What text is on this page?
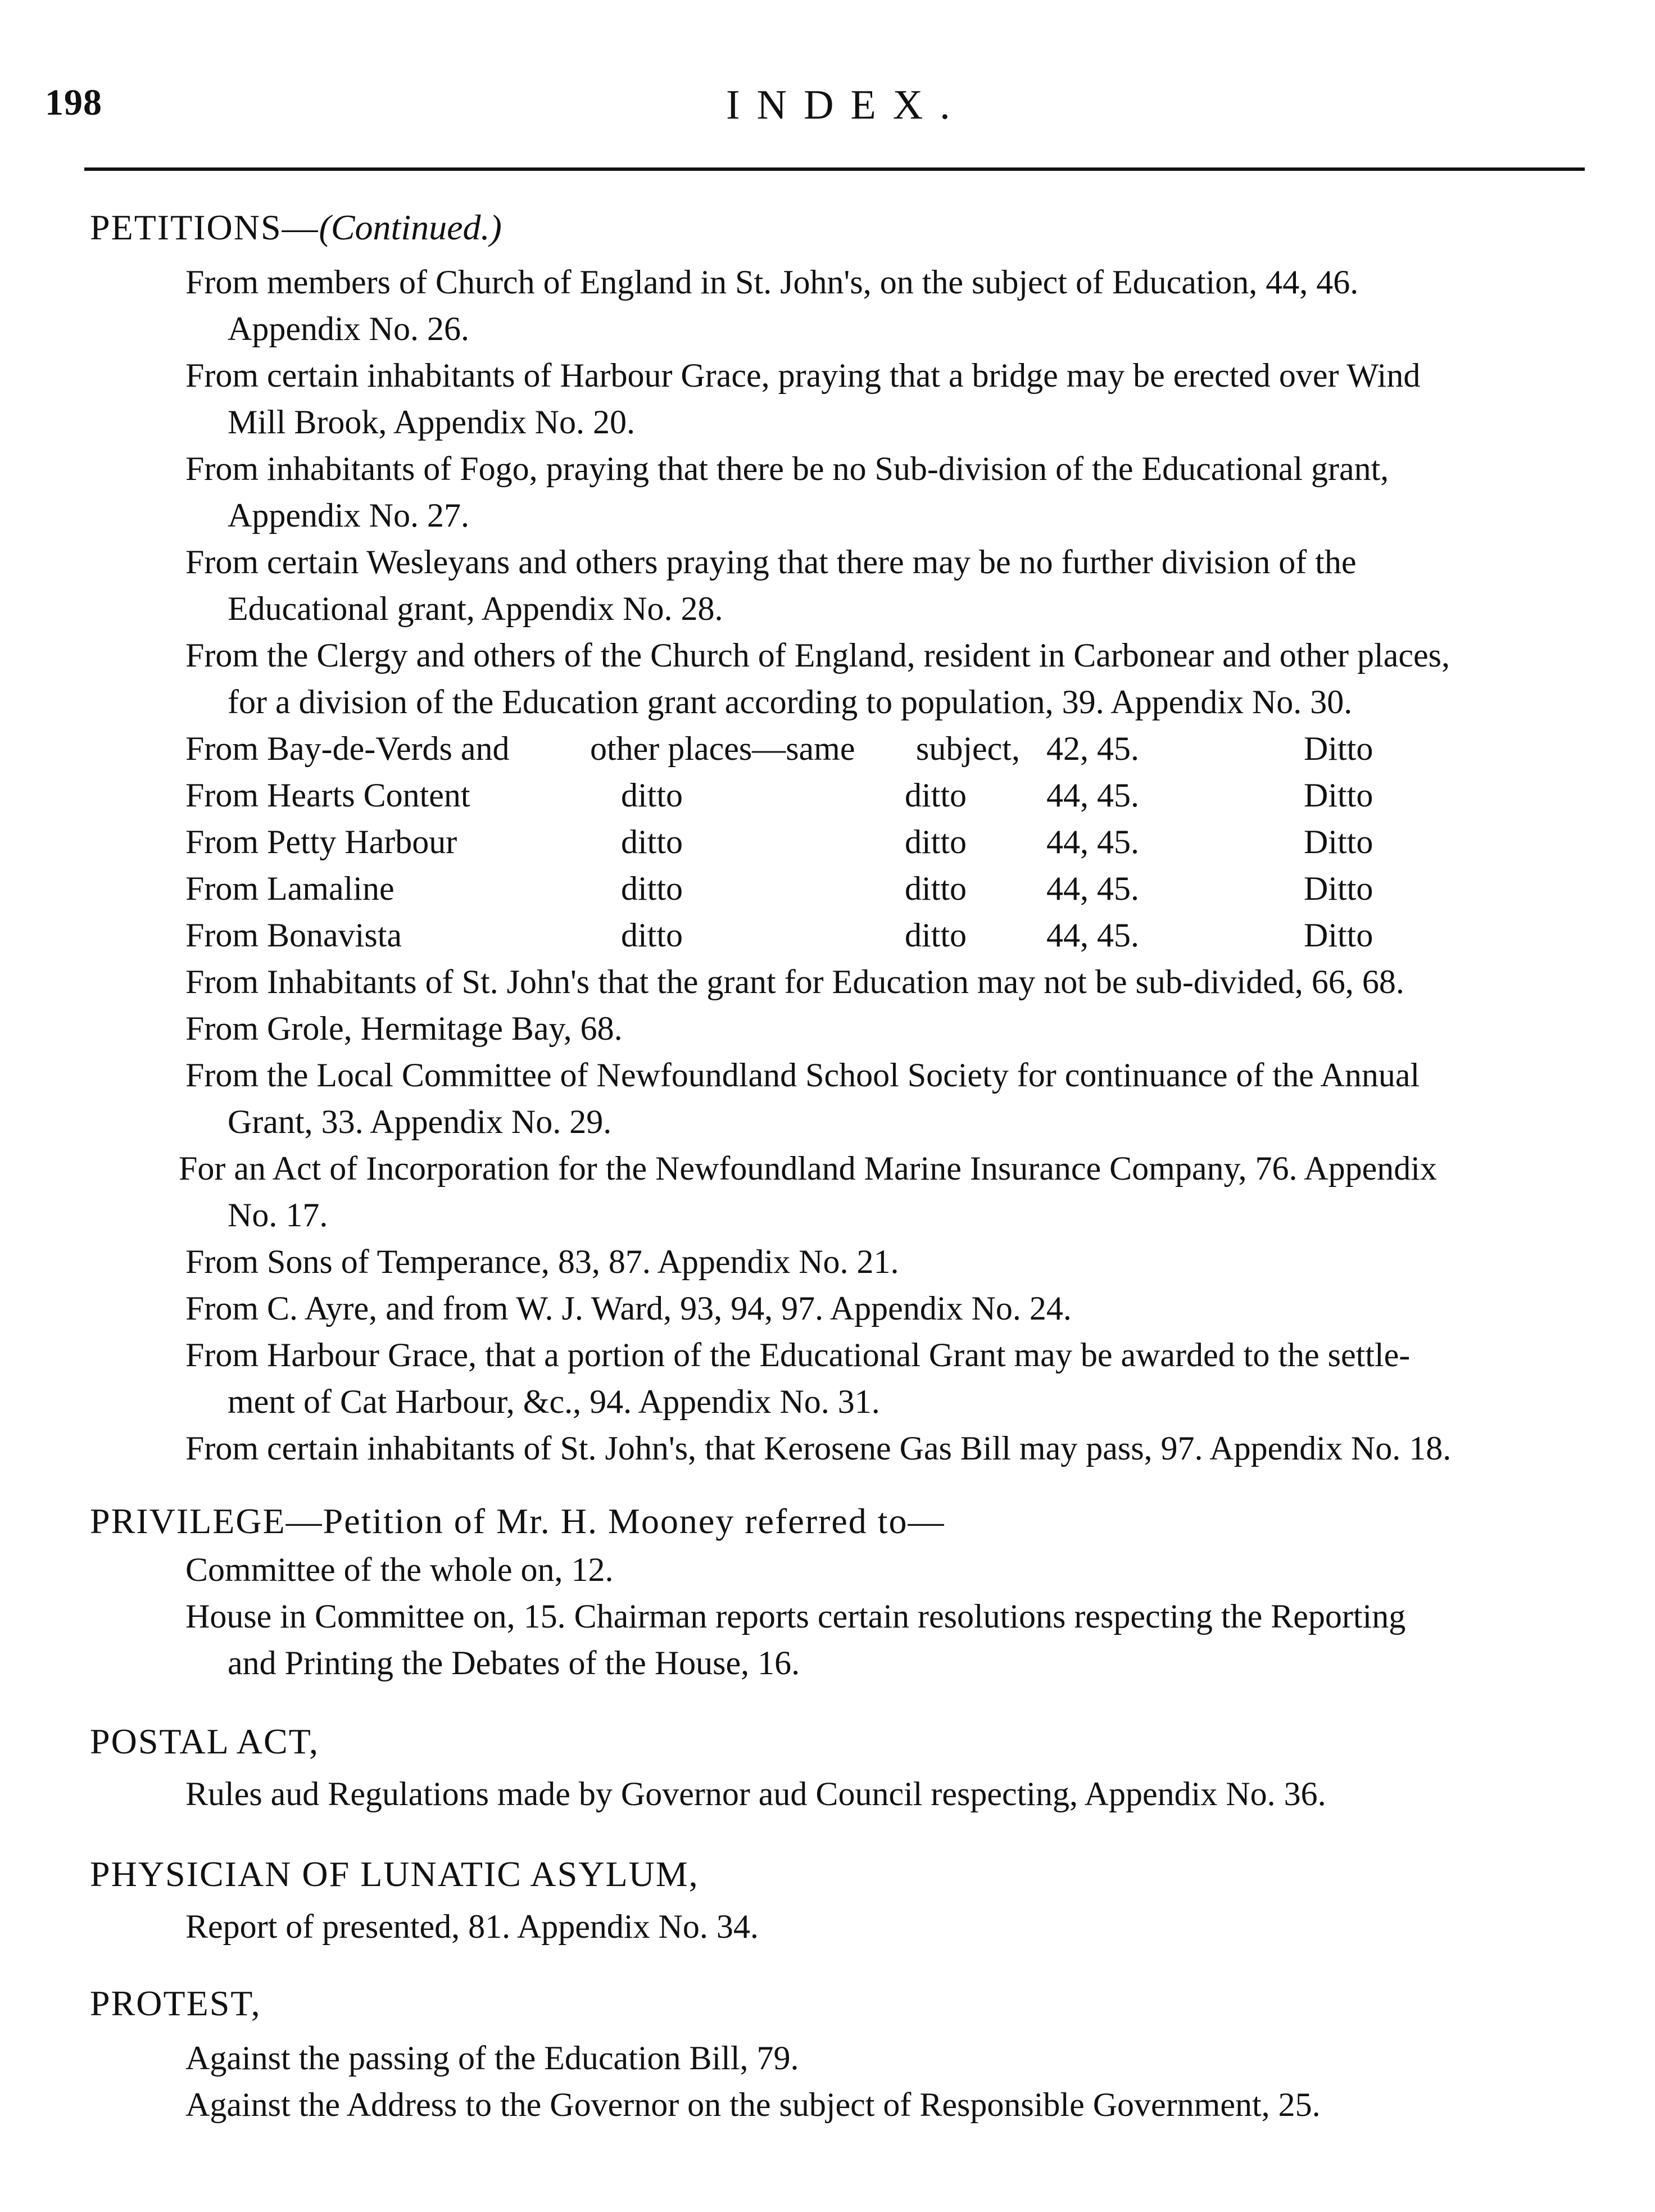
198	INDEX.
PETITIONS—(Continued.)
From members of Church of England in St. John's, on the subject of Education, 44, 46.
Appendix No. 26.
From certain inhabitants of Harbour Grace, praying that a bridge may be erected over Wind
Mill Brook, Appendix No. 20.
From inhabitants of Fogo, praying that there be no Sub-division of the Educational grant,
Appendix No. 27.
From certain Wesleyans and others praying that there may be no further division of the
Educational grant, Appendix No. 28.
From the Clergy and others of the Church of England, resident in Carbonear and other places,
for a division of the Education grant according to population, 39. Appendix No. 30.
From Bay-de-Verds and other places—same subject, 42, 45.	Ditto
From Hearts Content	ditto	ditto 44, 45.	Ditto
From Petty Harbour	ditto	ditto 44, 45.	Ditto
From Lamaline	ditto	ditto 44, 45.	Ditto
From Bonavista	ditto	ditto 44, 45.	Ditto
From Inhabitants of St. John's that the grant for Education may not be sub-divided, 66, 68.
From Grole, Hermitage Bay, 68.
From the Local Committee of Newfoundland School Society for continuance of the Annual
Grant, 33. Appendix No. 29.
For an Act of Incorporation for the Newfoundland Marine Insurance Company, 76. Appendix
No. 17.
From Sons of Temperance, 83, 87. Appendix No. 21.
From C. Ayre, and from W. J. Ward, 93, 94, 97. Appendix No. 24.
From Harbour Grace, that a portion of the Educational Grant may be awarded to the settle-
ment of Cat Harbour, &c., 94. Appendix No. 31.
From certain inhabitants of St. John's, that Kerosene Gas Bill may pass, 97. Appendix No. 18.
PRIVILEGE—Petition of Mr. H. Mooney referred to—
Committee of the whole on, 12.
House in Committee on, 15. Chairman reports certain resolutions respecting the Reporting
and Printing the Debates of the House, 16.
POSTAL ACT,
Rules aud Regulations made by Governor aud Council respecting, Appendix No. 36.
PHYSICIAN OF LUNATIC ASYLUM,
Report of presented, 81. Appendix No. 34.
PROTEST,
Against the passing of the Education Bill, 79.
Against the Address to the Governor on the subject of Responsible Government, 25.
